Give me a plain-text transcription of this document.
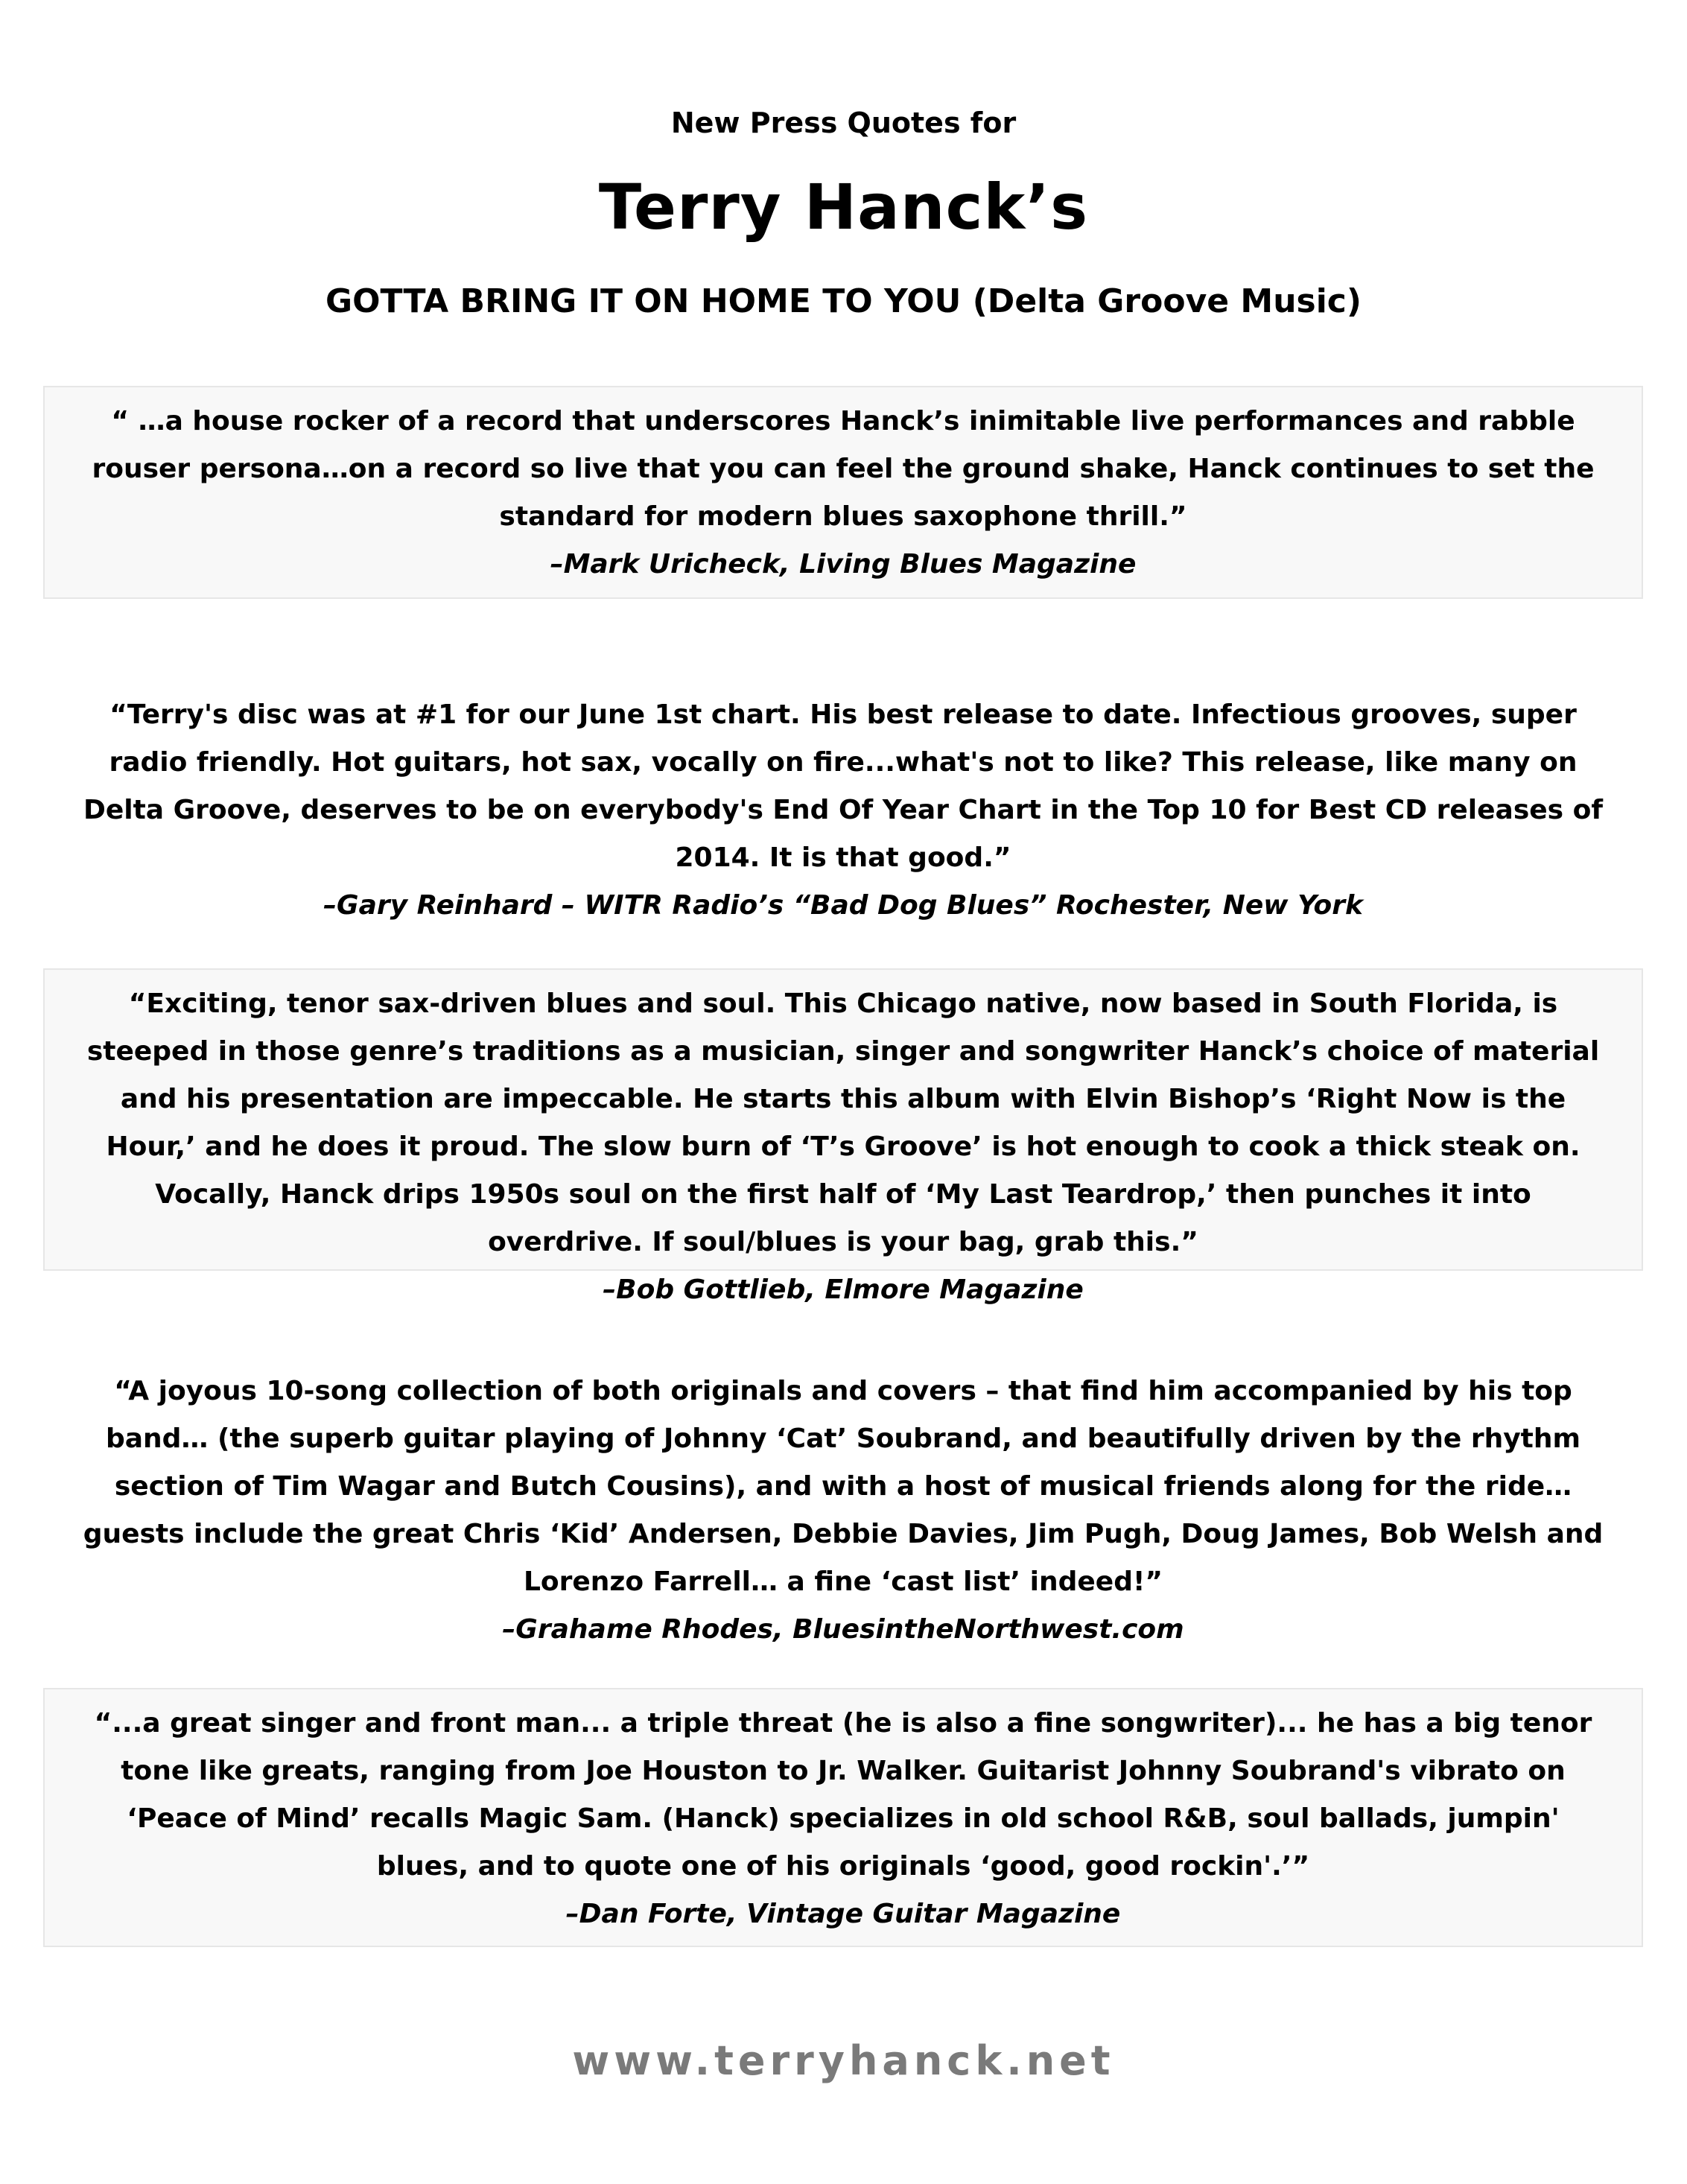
New Press Quotes for
Terry Hanck’s
GOTTA BRING IT ON HOME TO YOU (Delta Groove Music)
“ …a house rocker of a record that underscores Hanck’s inimitable live performances and rabble rouser persona…on a record so live that you can feel the ground shake, Hanck continues to set the standard for modern blues saxophone thrill.”
–Mark Uricheck, Living Blues Magazine
“Terry's disc was at #1 for our June 1st chart. His best release to date. Infectious grooves, super radio friendly. Hot guitars, hot sax, vocally on fire...what's not to like? This release, like many on Delta Groove, deserves to be on everybody's End Of Year Chart in the Top 10 for Best CD releases of 2014. It is that good.”
–Gary Reinhard – WITR Radio’s “Bad Dog Blues” Rochester, New York
“Exciting, tenor sax-driven blues and soul. This Chicago native, now based in South Florida, is steeped in those genre’s traditions as a musician, singer and songwriter Hanck’s choice of material and his presentation are impeccable. He starts this album with Elvin Bishop’s ‘Right Now is the Hour,’ and he does it proud. The slow burn of ‘T’s Groove’ is hot enough to cook a thick steak on. Vocally, Hanck drips 1950s soul on the first half of ‘My Last Teardrop,’ then punches it into overdrive. If soul/blues is your bag, grab this.”
–Bob Gottlieb, Elmore Magazine
“A joyous 10-song collection of both originals and covers – that find him accompanied by his top band… (the superb guitar playing of Johnny ‘Cat’ Soubrand, and beautifully driven by the rhythm section of Tim Wagar and Butch Cousins), and with a host of musical friends along for the ride… guests include the great Chris ‘Kid’ Andersen, Debbie Davies, Jim Pugh, Doug James, Bob Welsh and Lorenzo Farrell… a fine ‘cast list’ indeed!”
–Grahame Rhodes, BluesintheNorthwest.com
“...a great singer and front man... a triple threat (he is also a fine songwriter)... he has a big tenor tone like greats, ranging from Joe Houston to Jr. Walker. Guitarist Johnny Soubrand's vibrato on ‘Peace of Mind’ recalls Magic Sam. (Hanck) specializes in old school R&B, soul ballads, jumpin' blues, and to quote one of his originals ‘good, good rockin'.’”
–Dan Forte, Vintage Guitar Magazine
www.terryhanck.net
